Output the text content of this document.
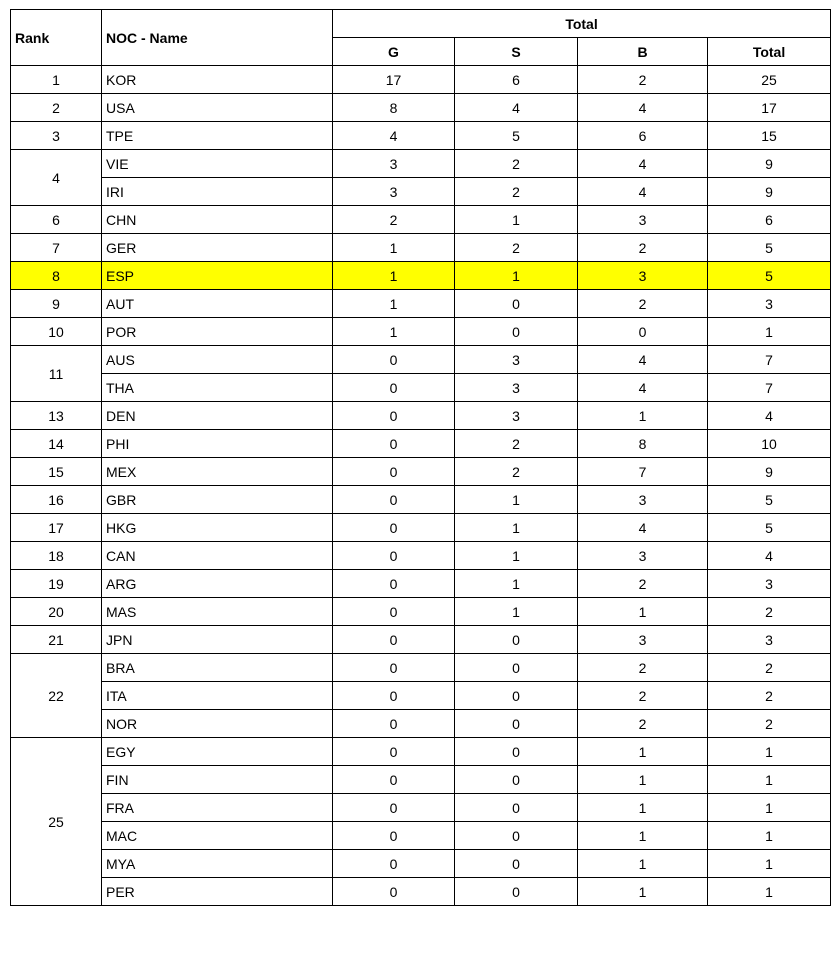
Rank	NOC - Name	Total			
		G	S	B	Total
1	KOR	17	6	2	25
2	USA	8	4	4	17
3	TPE	4	5	6	15
4	VIE	3	2	4	9
	IRI	3	2	4	9
6	CHN	2	1	3	6
7	GER	1	2	2	5
8	ESP	1	1	3	5
9	AUT	1	0	2	3
10	POR	1	0	0	1
11	AUS	0	3	4	7
	THA	0	3	4	7
13	DEN	0	3	1	4
14	PHI	0	2	8	10
15	MEX	0	2	7	9
16	GBR	0	1	3	5
17	HKG	0	1	4	5
18	CAN	0	1	3	4
19	ARG	0	1	2	3
20	MAS	0	1	1	2
21	JPN	0	0	3	3
22	BRA	0	0	2	2
	ITA	0	0	2	2
	NOR	0	0	2	2
25	EGY	0	0	1	1
	FIN	0	0	1	1
	FRA	0	0	1	1
	MAC	0	0	1	1
	MYA	0	0	1	1
	PER	0	0	1	1
